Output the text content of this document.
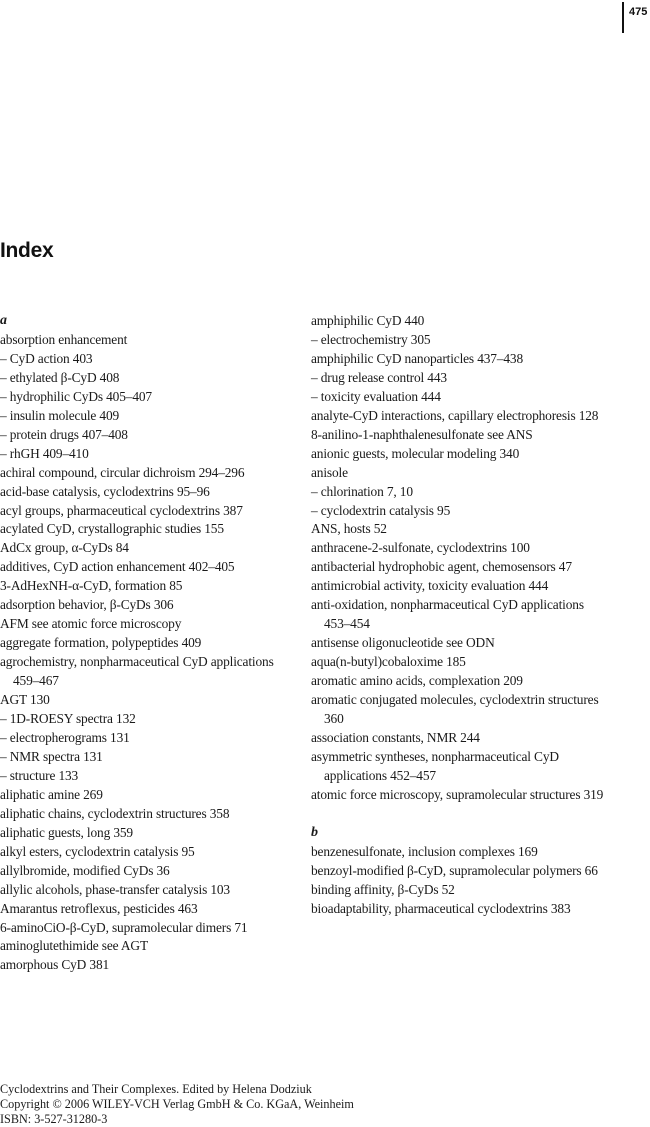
475
Index
a
absorption enhancement
– CyD action 403
– ethylated β-CyD 408
– hydrophilic CyDs 405–407
– insulin molecule 409
– protein drugs 407–408
– rhGH 409–410
achiral compound, circular dichroism 294–296
acid-base catalysis, cyclodextrins 95–96
acyl groups, pharmaceutical cyclodextrins 387
acylated CyD, crystallographic studies 155
AdCx group, α-CyDs 84
additives, CyD action enhancement 402–405
3-AdHexNH-α-CyD, formation 85
adsorption behavior, β-CyDs 306
AFM see atomic force microscopy
aggregate formation, polypeptides 409
agrochemistry, nonpharmaceutical CyD applications 459–467
AGT 130
– 1D-ROESY spectra 132
– electropherograms 131
– NMR spectra 131
– structure 133
aliphatic amine 269
aliphatic chains, cyclodextrin structures 358
aliphatic guests, long 359
alkyl esters, cyclodextrin catalysis 95
allylbromide, modified CyDs 36
allylic alcohols, phase-transfer catalysis 103
Amarantus retroflexus, pesticides 463
6-aminoCiO-β-CyD, supramolecular dimers 71
aminoglutethimide see AGT
amorphous CyD 381
amphiphilic CyD 440
– electrochemistry 305
amphiphilic CyD nanoparticles 437–438
– drug release control 443
– toxicity evaluation 444
analyte-CyD interactions, capillary electrophoresis 128
8-anilino-1-naphthalenesulfonate see ANS
anionic guests, molecular modeling 340
anisole
– chlorination 7, 10
– cyclodextrin catalysis 95
ANS, hosts 52
anthracene-2-sulfonate, cyclodextrins 100
antibacterial hydrophobic agent, chemosensors 47
antimicrobial activity, toxicity evaluation 444
anti-oxidation, nonpharmaceutical CyD applications 453–454
antisense oligonucleotide see ODN
aqua(n-butyl)cobaloxime 185
aromatic amino acids, complexation 209
aromatic conjugated molecules, cyclodextrin structures 360
association constants, NMR 244
asymmetric syntheses, nonpharmaceutical CyD applications 452–457
atomic force microscopy, supramolecular structures 319
b
benzenesulfonate, inclusion complexes 169
benzoyl-modified β-CyD, supramolecular polymers 66
binding affinity, β-CyDs 52
bioadaptability, pharmaceutical cyclodextrins 383
Cyclodextrins and Their Complexes. Edited by Helena Dodziuk
Copyright © 2006 WILEY-VCH Verlag GmbH & Co. KGaA, Weinheim
ISBN: 3-527-31280-3
